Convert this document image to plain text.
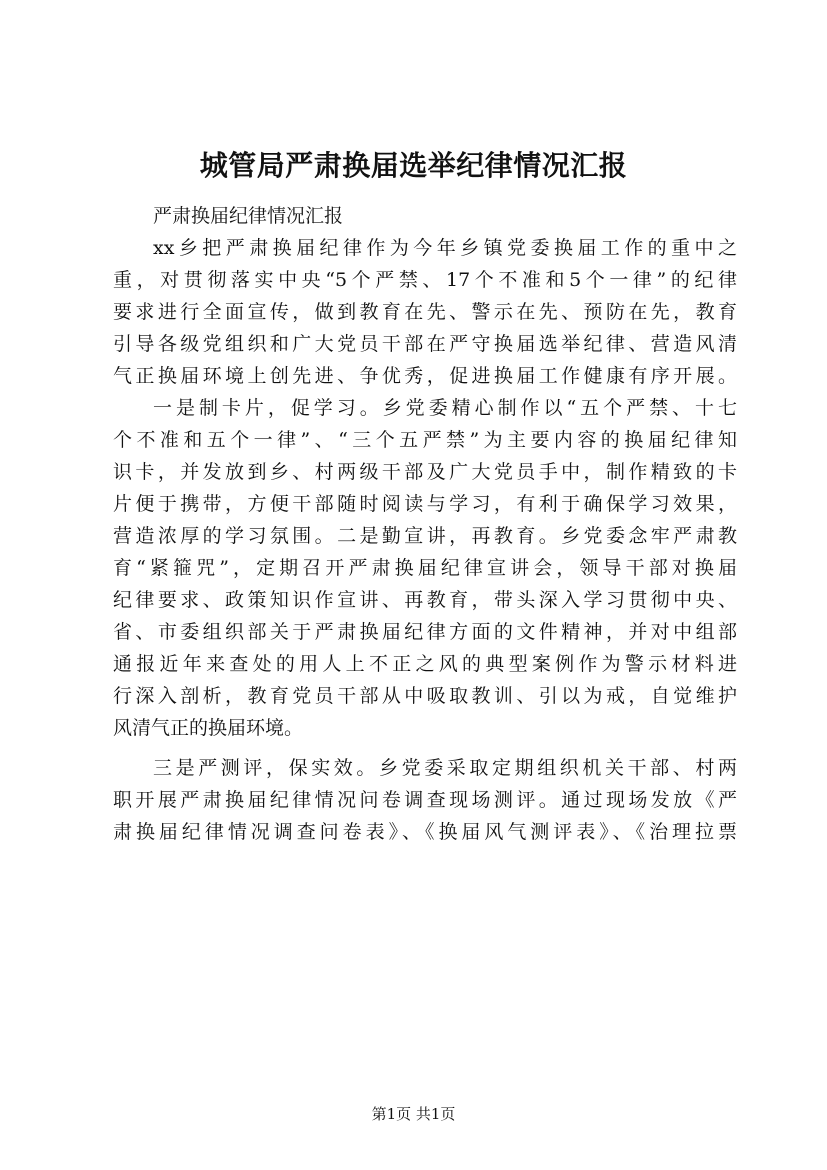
城管局严肃换届选举纪律情况汇报
严肃换届纪律情况汇报
xx乡把严肃换届纪律作为今年乡镇党委换届工作的重中之
重，对贯彻落实中央“5个严禁、17个不准和5个一律”的纪律
要求进行全面宣传，做到教育在先、警示在先、预防在先，教育
引导各级党组织和广大党员干部在严守换届选举纪律、营造风清
气正换届环境上创先进、争优秀，促进换届工作健康有序开展。
一是制卡片，促学习。乡党委精心制作以“五个严禁、十七
个不准和五个一律”、“三个五严禁”为主要内容的换届纪律知
识卡，并发放到乡、村两级干部及广大党员手中，制作精致的卡
片便于携带，方便干部随时阅读与学习，有利于确保学习效果，
营造浓厚的学习氛围。二是勤宣讲，再教育。乡党委念牢严肃教
育“紧箍咒”，定期召开严肃换届纪律宣讲会，领导干部对换届
纪律要求、政策知识作宣讲、再教育，带头深入学习贯彻中央、
省、市委组织部关于严肃换届纪律方面的文件精神，并对中组部
通报近年来查处的用人上不正之风的典型案例作为警示材料进
行深入剖析，教育党员干部从中吸取教训、引以为戒，自觉维护
风清气正的换届环境。
三是严测评，保实效。乡党委采取定期组织机关干部、村两
职开展严肃换届纪律情况问卷调查现场测评。通过现场发放《严
肃换届纪律情况调查问卷表》、《换届风气测评表》、《治理拉票
第1页 共1页
